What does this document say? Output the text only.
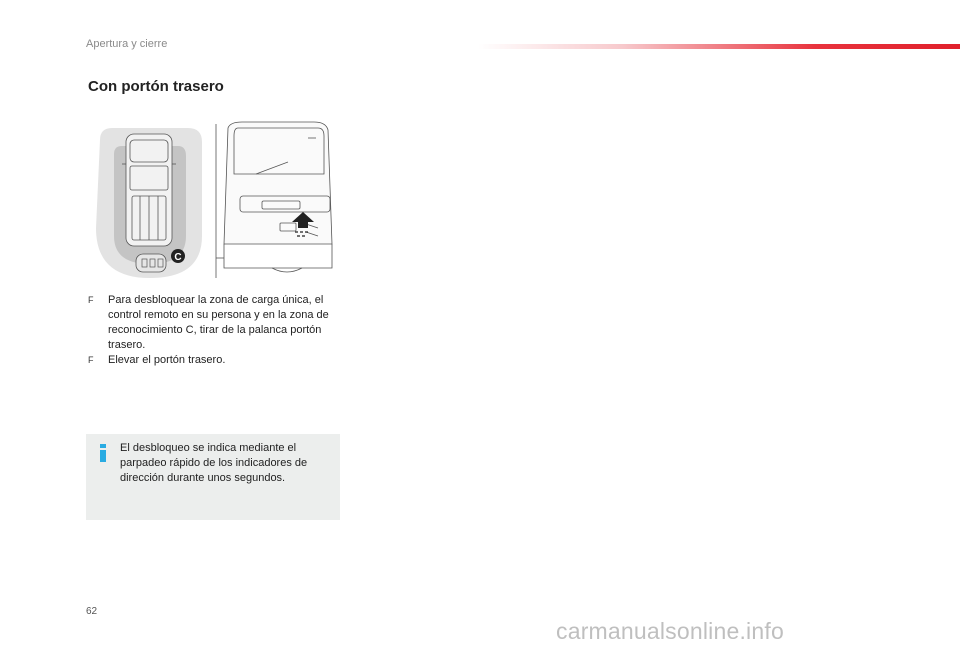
Apertura y cierre
Con portón trasero
C
F Para desbloquear la zona de carga única, el control remoto en su persona y en la zona de reconocimiento C, tirar de la palanca portón trasero.
F Elevar el portón trasero.
El desbloqueo se indica mediante el parpadeo rápido de los indicadores de dirección durante unos segundos.
62
carmanualsonline.info
